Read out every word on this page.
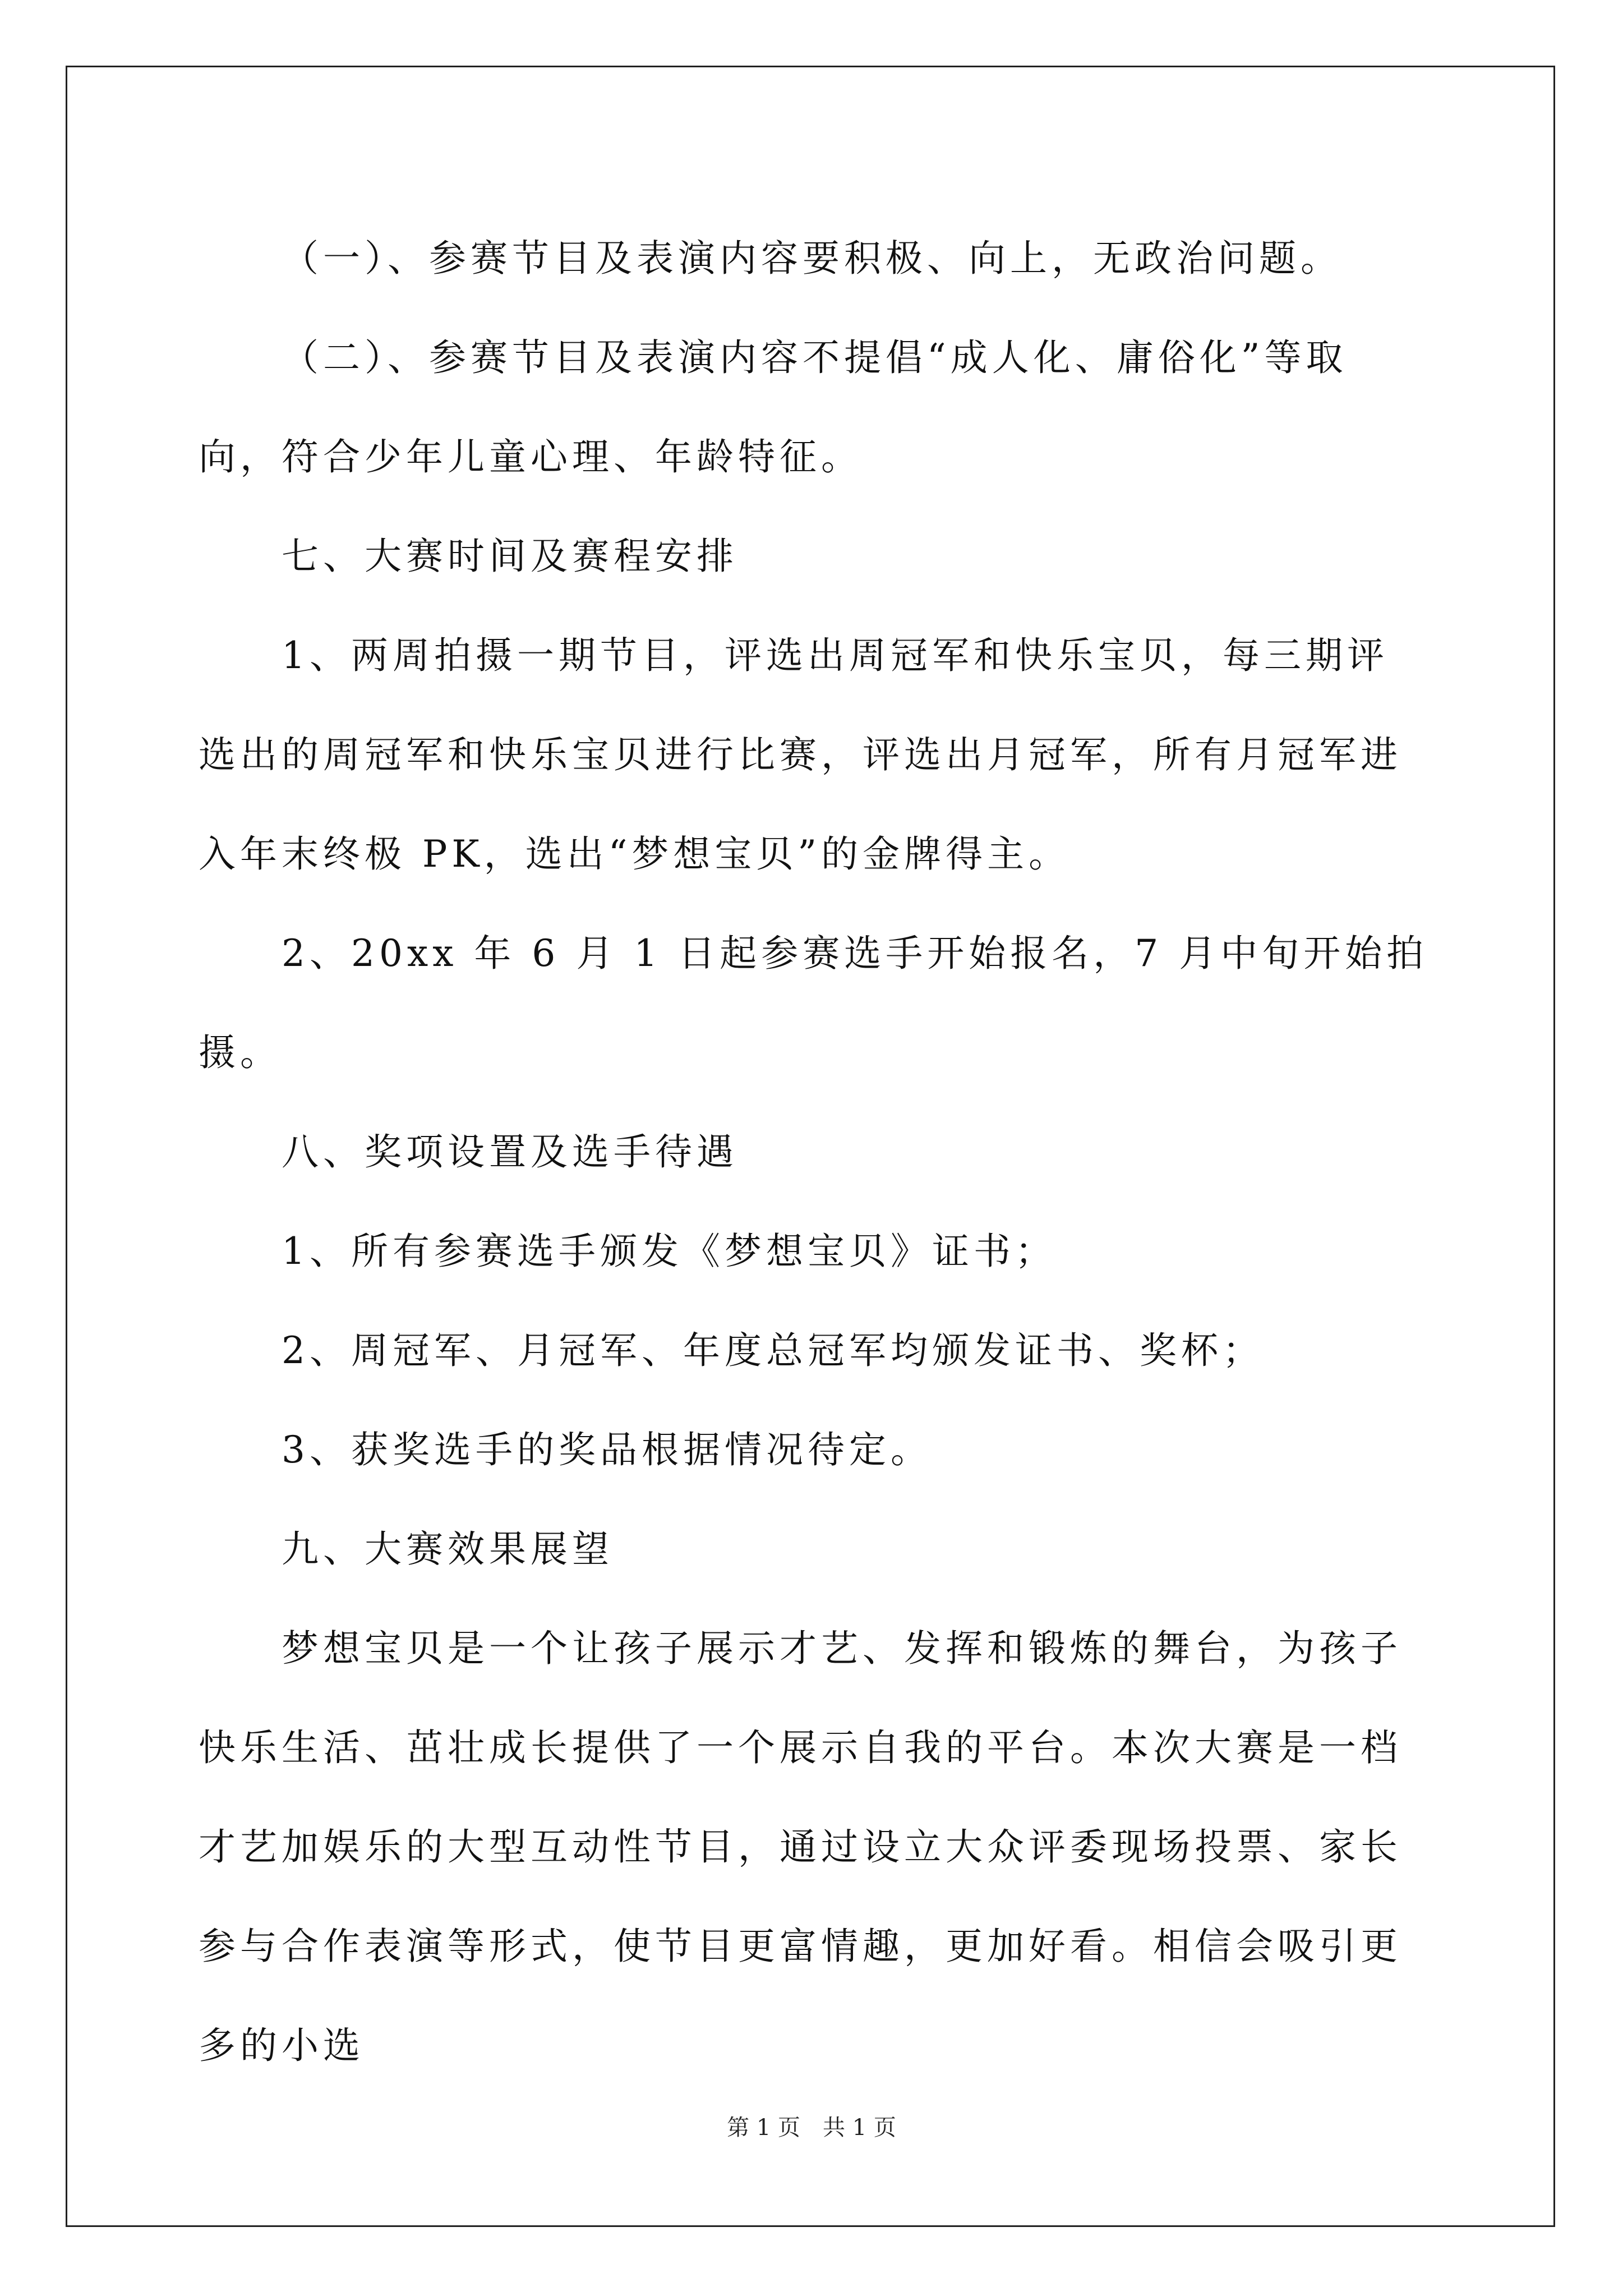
（一）、参赛节目及表演内容要积极、向上，无政治问题。

（二）、参赛节目及表演内容不提倡“成人化、庸俗化”等取向，符合少年儿童心理、年龄特征。

七、大赛时间及赛程安排

1、两周拍摄一期节目，评选出周冠军和快乐宝贝，每三期评选出的周冠军和快乐宝贝进行比赛，评选出月冠军，所有月冠军进入年末终极 PK，选出“梦想宝贝”的金牌得主。

2、20xx 年 6 月 1 日起参赛选手开始报名，7 月中旬开始拍摄。

八、奖项设置及选手待遇

1、所有参赛选手颁发《梦想宝贝》证书；

2、周冠军、月冠军、年度总冠军均颁发证书、奖杯；

3、获奖选手的奖品根据情况待定。

九、大赛效果展望

梦想宝贝是一个让孩子展示才艺、发挥和锻炼的舞台，为孩子快乐生活、茁壮成长提供了一个展示自我的平台。本次大赛是一档才艺加娱乐的大型互动性节目，通过设立大众评委现场投票、家长参与合作表演等形式，使节目更富情趣，更加好看。相信会吸引更多的小选

第 1 页　共 1 页
